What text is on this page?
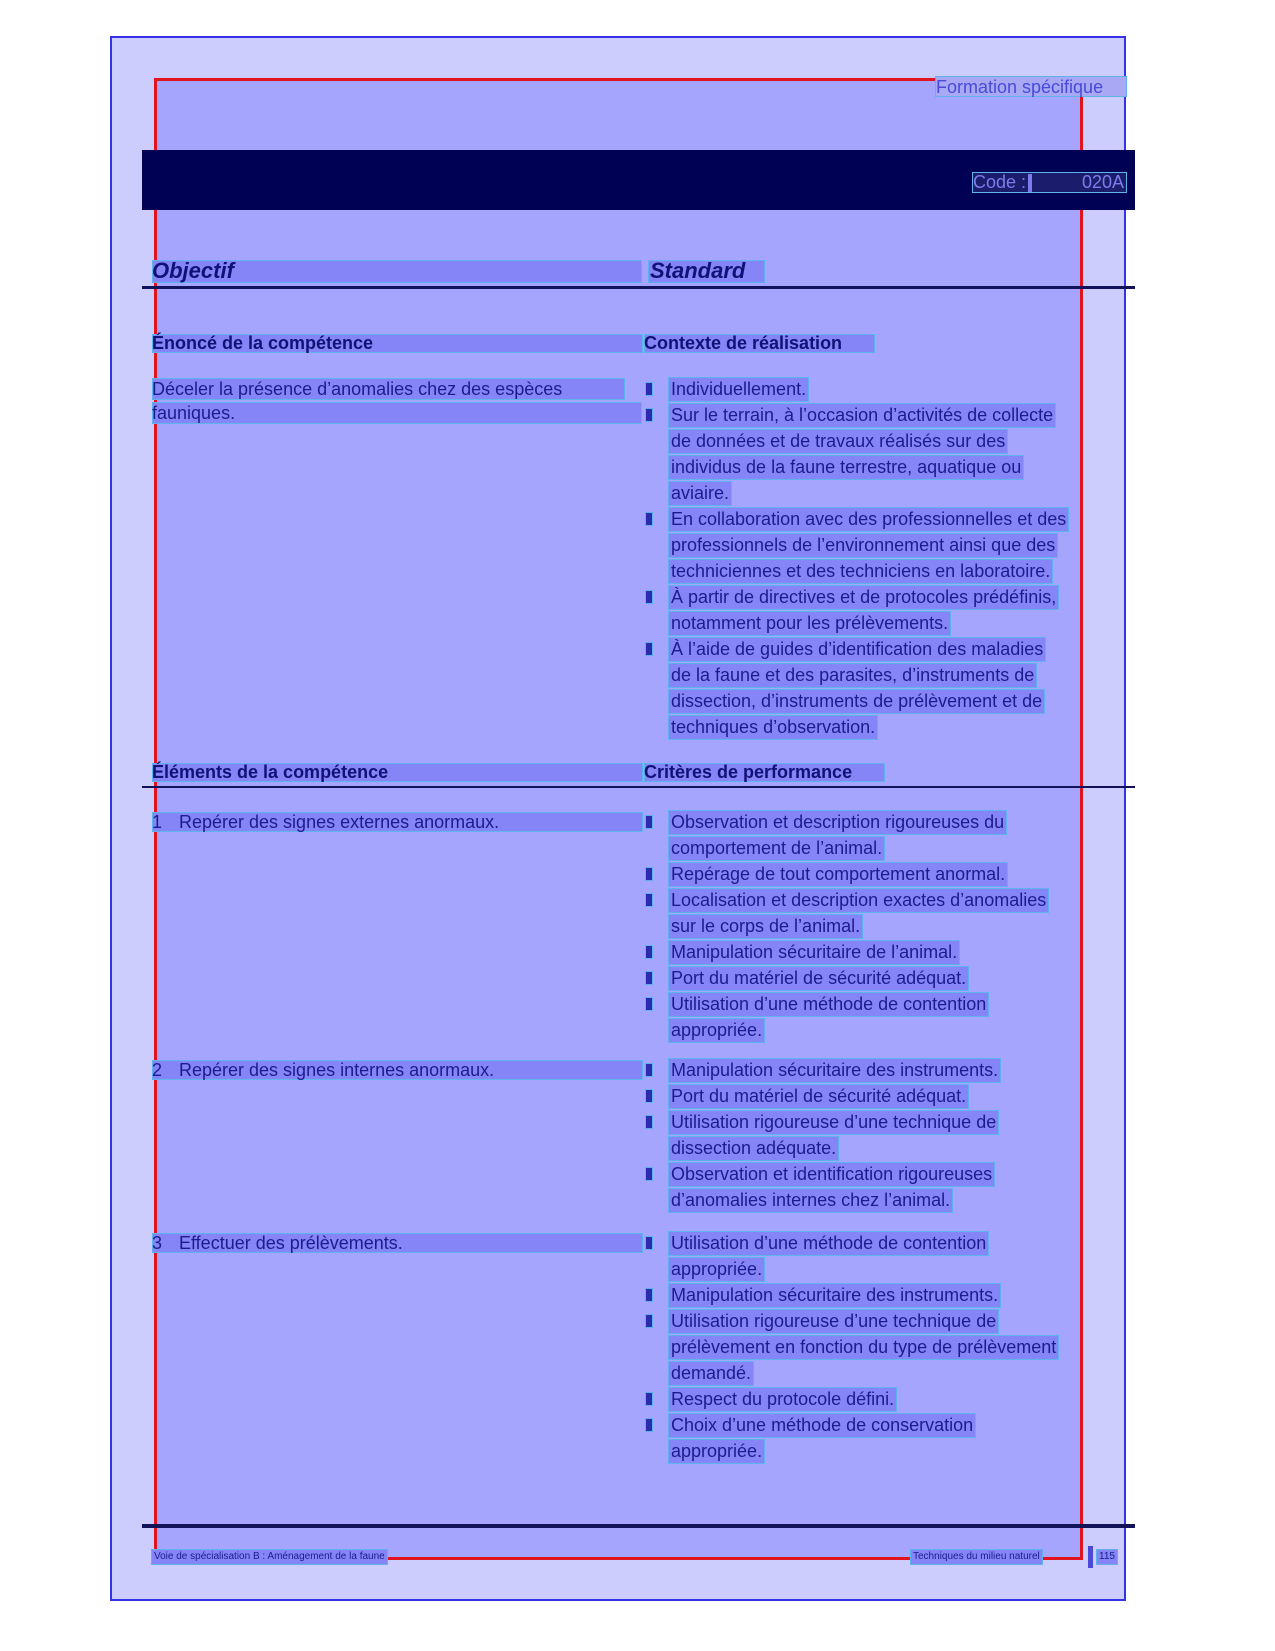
Formation spécifique
Code :	020A
Objectif	Standard
Énoncé de la compétence	Contexte de réalisation
Déceler la présence d’anomalies chez des espèces
fauniques.
Individuellement.
Sur le terrain, à l’occasion d’activités de collecte
de données et de travaux réalisés sur des
individus de la faune terrestre, aquatique ou
aviaire.
En collaboration avec des professionnelles et des
professionnels de l’environnement ainsi que des
techniciennes et des techniciens en laboratoire.
À partir de directives et de protocoles prédéfinis,
notamment pour les prélèvements.
À l’aide de guides d’identification des maladies
de la faune et des parasites, d’instruments de
dissection, d’instruments de prélèvement et de
techniques d’observation.
Éléments de la compétence	Critères de performance
1 Repérer des signes externes anormaux.	Observation et description rigoureuses du
comportement de l’animal.
Repérage de tout comportement anormal.
Localisation et description exactes d’anomalies
sur le corps de l’animal.
Manipulation sécuritaire de l’animal.
Port du matériel de sécurité adéquat.
Utilisation d’une méthode de contention
appropriée.
2 Repérer des signes internes anormaux.	Manipulation sécuritaire des instruments.
Port du matériel de sécurité adéquat.
Utilisation rigoureuse d’une technique de
dissection adéquate.
Observation et identification rigoureuses
d’anomalies internes chez l’animal.
3 Effectuer des prélèvements.	Utilisation d’une méthode de contention
appropriée.
Manipulation sécuritaire des instruments.
Utilisation rigoureuse d’une technique de
prélèvement en fonction du type de prélèvement
demandé.
Respect du protocole défini.
Choix d’une méthode de conservation
appropriée.
Voie de spécialisation B : Aménagement de la faune	Techniques du milieu naturel	115
